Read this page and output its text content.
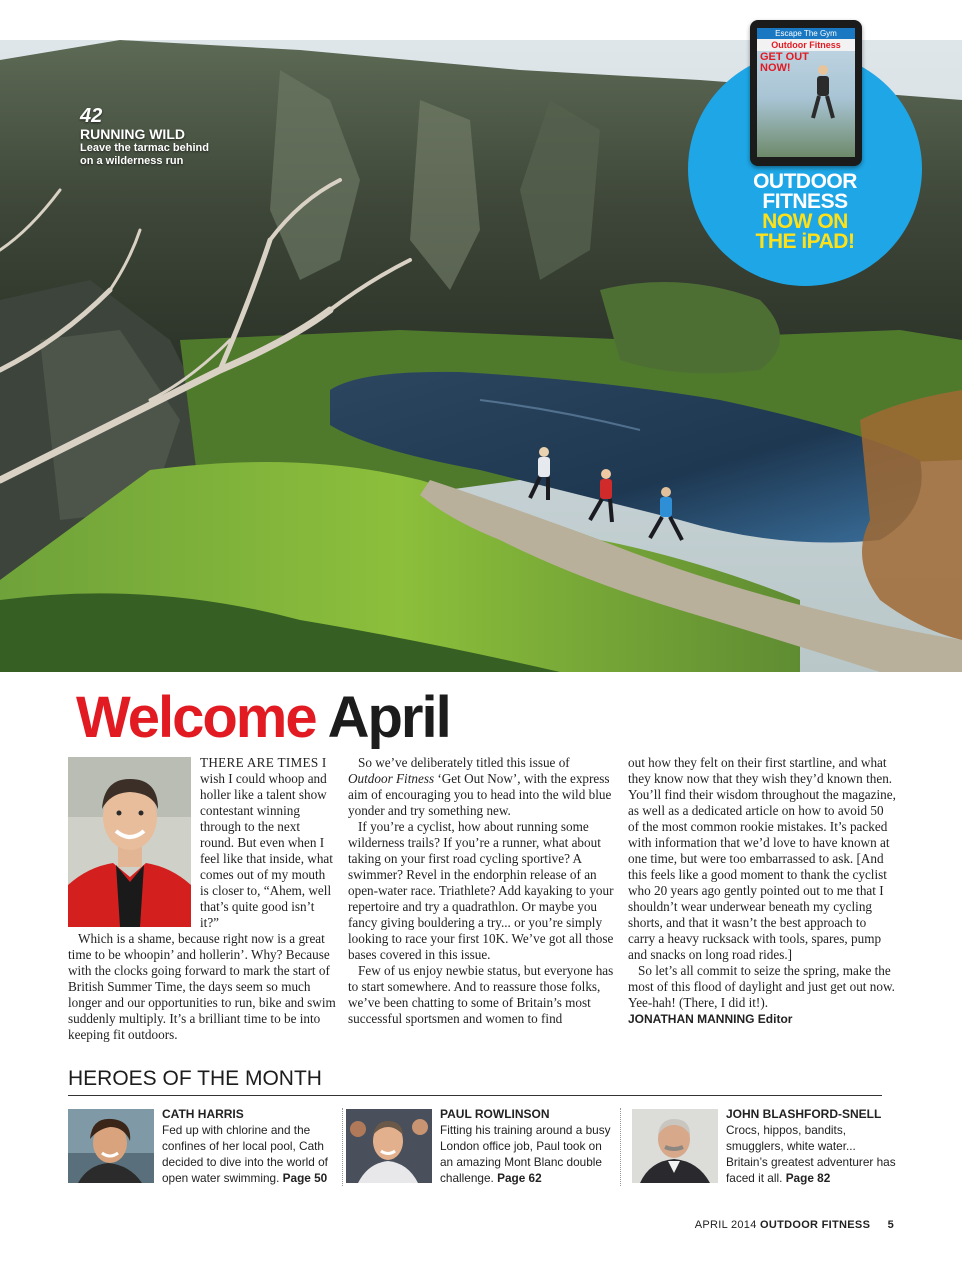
42
RUNNING WILD
Leave the tarmac behind on a wilderness run
Escape The Gym
Outdoor Fitness
GET OUT NOW!
OUTDOOR
FITNESS
NOW ON
THE iPAD!
Welcome April
THERE ARE TIMES I wish I could whoop and holler like a talent show contestant winning through to the next round. But even when I feel like that inside, what comes out of my mouth is closer to, “Ahem, well that’s quite good isn’t it?”

Which is a shame, because right now is a great time to be whoopin’ and hollerin’. Why? Because with the clocks going forward to mark the start of British Summer Time, the days seem so much longer and our opportunities to run, bike and swim suddenly multiply. It’s a brilliant time to be into keeping fit outdoors.

So we’ve deliberately titled this issue of Outdoor Fitness ‘Get Out Now’, with the express aim of encouraging you to head into the wild blue yonder and try something new.

If you’re a cyclist, how about running some wilderness trails? If you’re a runner, what about taking on your first road cycling sportive? A swimmer? Revel in the endorphin release of an open-water race. Triathlete? Add kayaking to your repertoire and try a quadrathlon. Or maybe you fancy giving bouldering a try... or you’re simply looking to race your first 10K. We’ve got all those bases covered in this issue.

Few of us enjoy newbie status, but everyone has to start somewhere. And to reassure those folks, we’ve been chatting to some of Britain’s most successful sportsmen and women to find

out how they felt on their first startline, and what they know now that they wish they’d known then. You’ll find their wisdom throughout the magazine, as well as a dedicated article on how to avoid 50 of the most common rookie mistakes. It’s packed with information that we’d love to have known at one time, but were too embarrassed to ask. [And this feels like a good moment to thank the cyclist who 20 years ago gently pointed out to me that I shouldn’t wear underwear beneath my cycling shorts, and that it wasn’t the best approach to carry a heavy rucksack with tools, spares, pump and snacks on long road rides.]

So let’s all commit to seize the spring, make the most of this flood of daylight and just get out now. Yee-hah! (There, I did it!).

JONATHAN MANNING Editor

HEROES OF THE MONTH
CATH HARRIS
Fed up with chlorine and the confines of her local pool, Cath decided to dive into the world of open water swimming. Page 50
PAUL ROWLINSON
Fitting his training around a busy London office job, Paul took on an amazing Mont Blanc double challenge. Page 62
JOHN BLASHFORD-SNELL
Crocs, hippos, bandits, smugglers, white water... Britain’s greatest adventurer has faced it all. Page 82
APRIL 2014 OUTDOOR FITNESS 5
